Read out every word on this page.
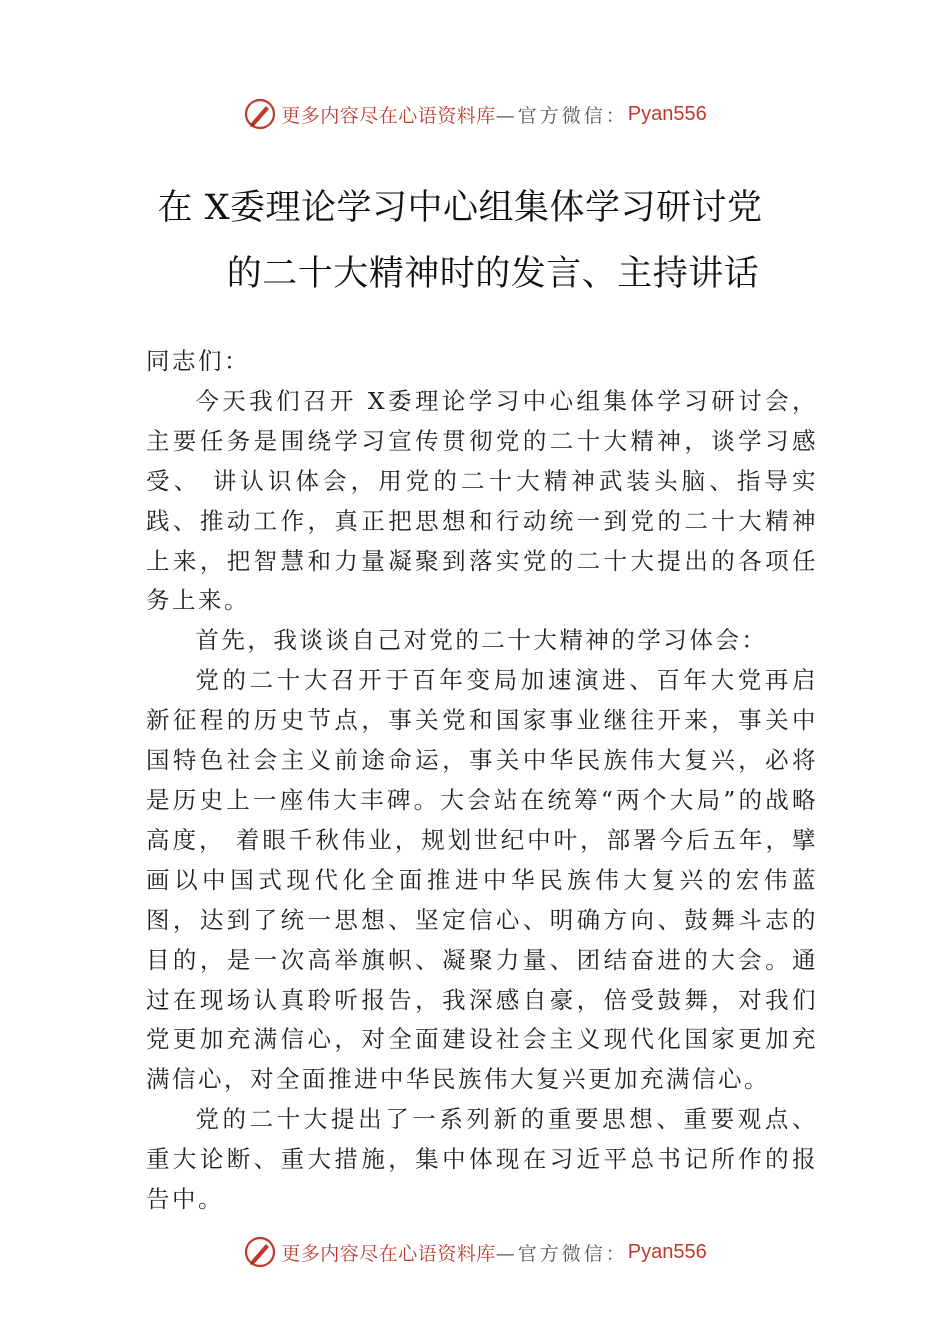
更多内容尽在心语资料库 —官方微信： Pyan556
在 X委理论学习中心组集体学习研讨党
的二十大精神时的发言、主持讲话

同志们：

今天我们召开 X委理论学习中心组集体学习研讨会，主要任务是围绕学习宣传贯彻党的二十大精神，谈学习感受、 讲认识体会，用党的二十大精神武装头脑、指导实践、推动工作，真正把思想和行动统一到党的二十大精神上来，把智慧和力量凝聚到落实党的二十大提出的各项任务上来。

首先，我谈谈自己对党的二十大精神的学习体会：

党的二十大召开于百年变局加速演进、百年大党再启新征程的历史节点，事关党和国家事业继往开来，事关中国特色社会主义前途命运，事关中华民族伟大复兴，必将是历史上一座伟大丰碑。大会站在统筹“两个大局”的战略高度， 着眼千秋伟业，规划世纪中叶，部署今后五年，擘画以中国式现代化全面推进中华民族伟大复兴的宏伟蓝图，达到了统一思想、坚定信心、明确方向、鼓舞斗志的目的，是一次高举旗帜、凝聚力量、团结奋进的大会。通过在现场认真聆听报告，我深感自豪，倍受鼓舞，对我们党更加充满信心，对全面建设社会主义现代化国家更加充满信心，对全面推进中华民族伟大复兴更加充满信心。

党的二十大提出了一系列新的重要思想、重要观点、重大论断、重大措施，集中体现在习近平总书记所作的报告中。

更多内容尽在心语资料库 —官方微信： Pyan556
